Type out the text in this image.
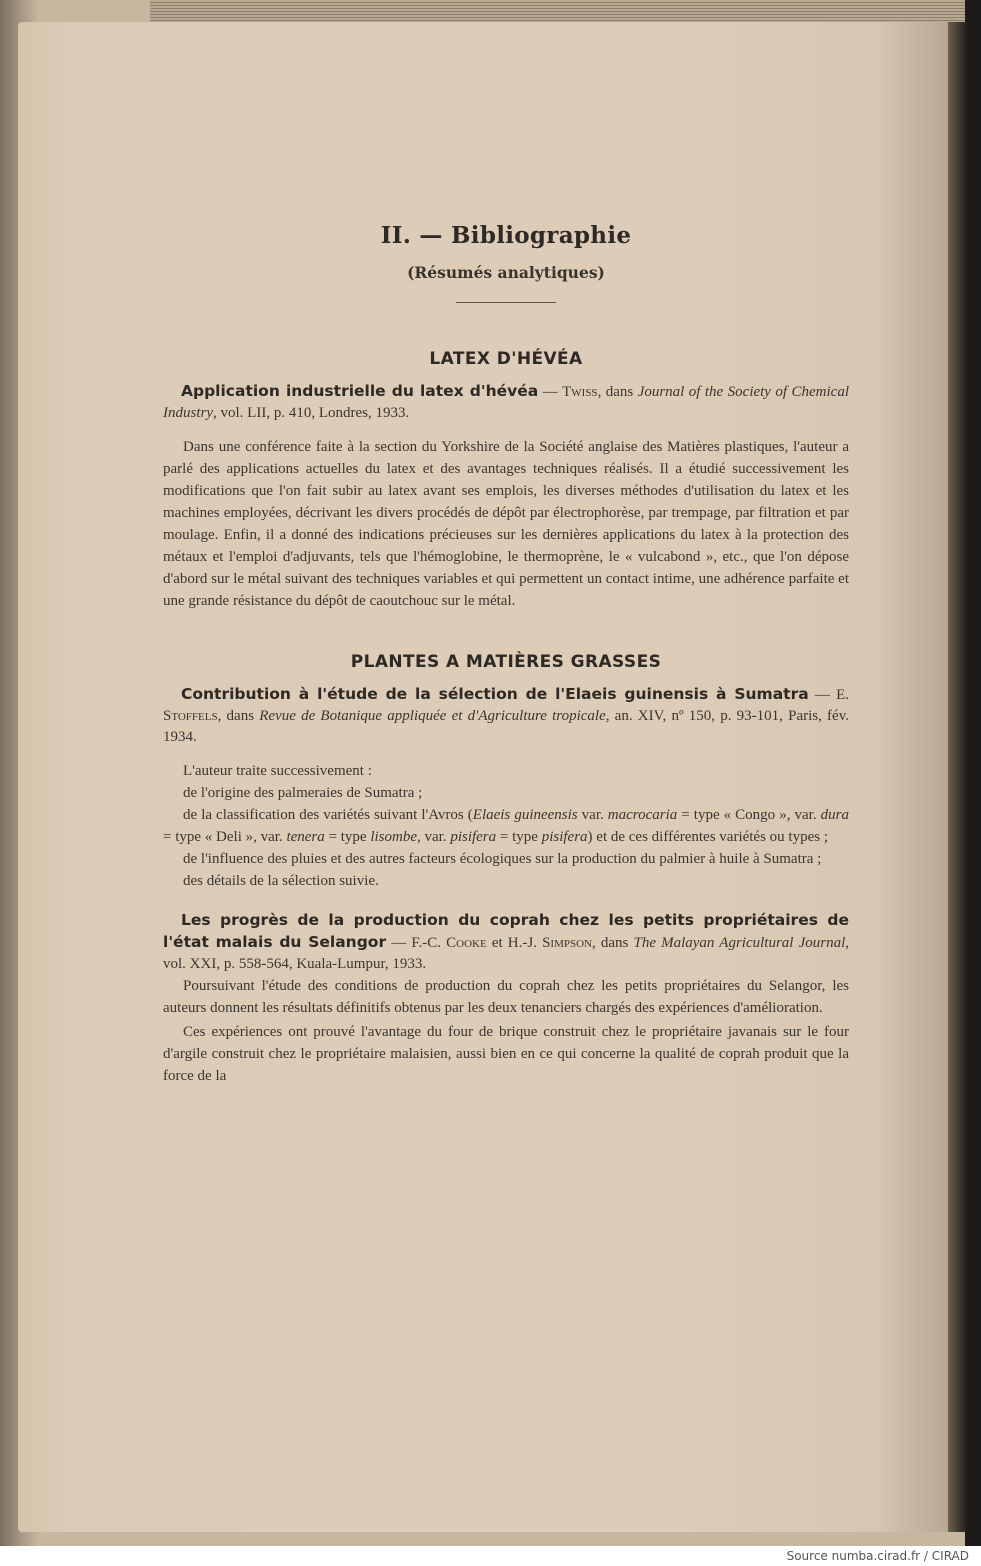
II. — Bibliographie

(Résumés analytiques)

LATEX D'HÉVÉA

Application industrielle du latex d'hévéa — Twiss, dans Journal of the Society of Chemical Industry, vol. LII, p. 410, Londres, 1933.

Dans une conférence faite à la section du Yorkshire de la Société anglaise des Matières plastiques, l'auteur a parlé des applications actuelles du latex et des avantages techniques réalisés. Il a étudié successivement les modifications que l'on fait subir au latex avant ses emplois, les diverses méthodes d'utilisation du latex et les machines employées, décrivant les divers procédés de dépôt par électrophorèse, par trempage, par filtration et par moulage. Enfin, il a donné des indications précieuses sur les dernières applications du latex à la protection des métaux et l'emploi d'adjuvants, tels que l'hémoglobine, le thermoprène, le « vulcabond », etc., que l'on dépose d'abord sur le métal suivant des techniques variables et qui permettent un contact intime, une adhérence parfaite et une grande résistance du dépôt de caoutchouc sur le métal.

PLANTES A MATIÈRES GRASSES

Contribution à l'étude de la sélection de l'Elaeis guinensis à Sumatra — E. Stoffels, dans Revue de Botanique appliquée et d'Agriculture tropicale, an. XIV, nº 150, p. 93-101, Paris, fév. 1934.

L'auteur traite successivement :

de l'origine des palmeraies de Sumatra ;

de la classification des variétés suivant l'Avros (Elaeis guineensis var. macrocaria = type « Congo », var. dura = type « Deli », var. tenera = type lisombe, var. pisifera = type pisifera) et de ces différentes variétés ou types ;

de l'influence des pluies et des autres facteurs écologiques sur la production du palmier à huile à Sumatra ;

des détails de la sélection suivie.

Les progrès de la production du coprah chez les petits propriétaires de l'état malais du Selangor — F.-C. Cooke et H.-J. Simpson, dans The Malayan Agricultural Journal, vol. XXI, p. 558-564, Kuala-Lumpur, 1933.

Poursuivant l'étude des conditions de production du coprah chez les petits propriétaires du Selangor, les auteurs donnent les résultats définitifs obtenus par les deux tenanciers chargés des expériences d'amélioration.

Ces expériences ont prouvé l'avantage du four de brique construit chez le propriétaire javanais sur le four d'argile construit chez le propriétaire malaisien, aussi bien en ce qui concerne la qualité de coprah produit que la force de la

Source numba.cirad.fr / CIRAD
